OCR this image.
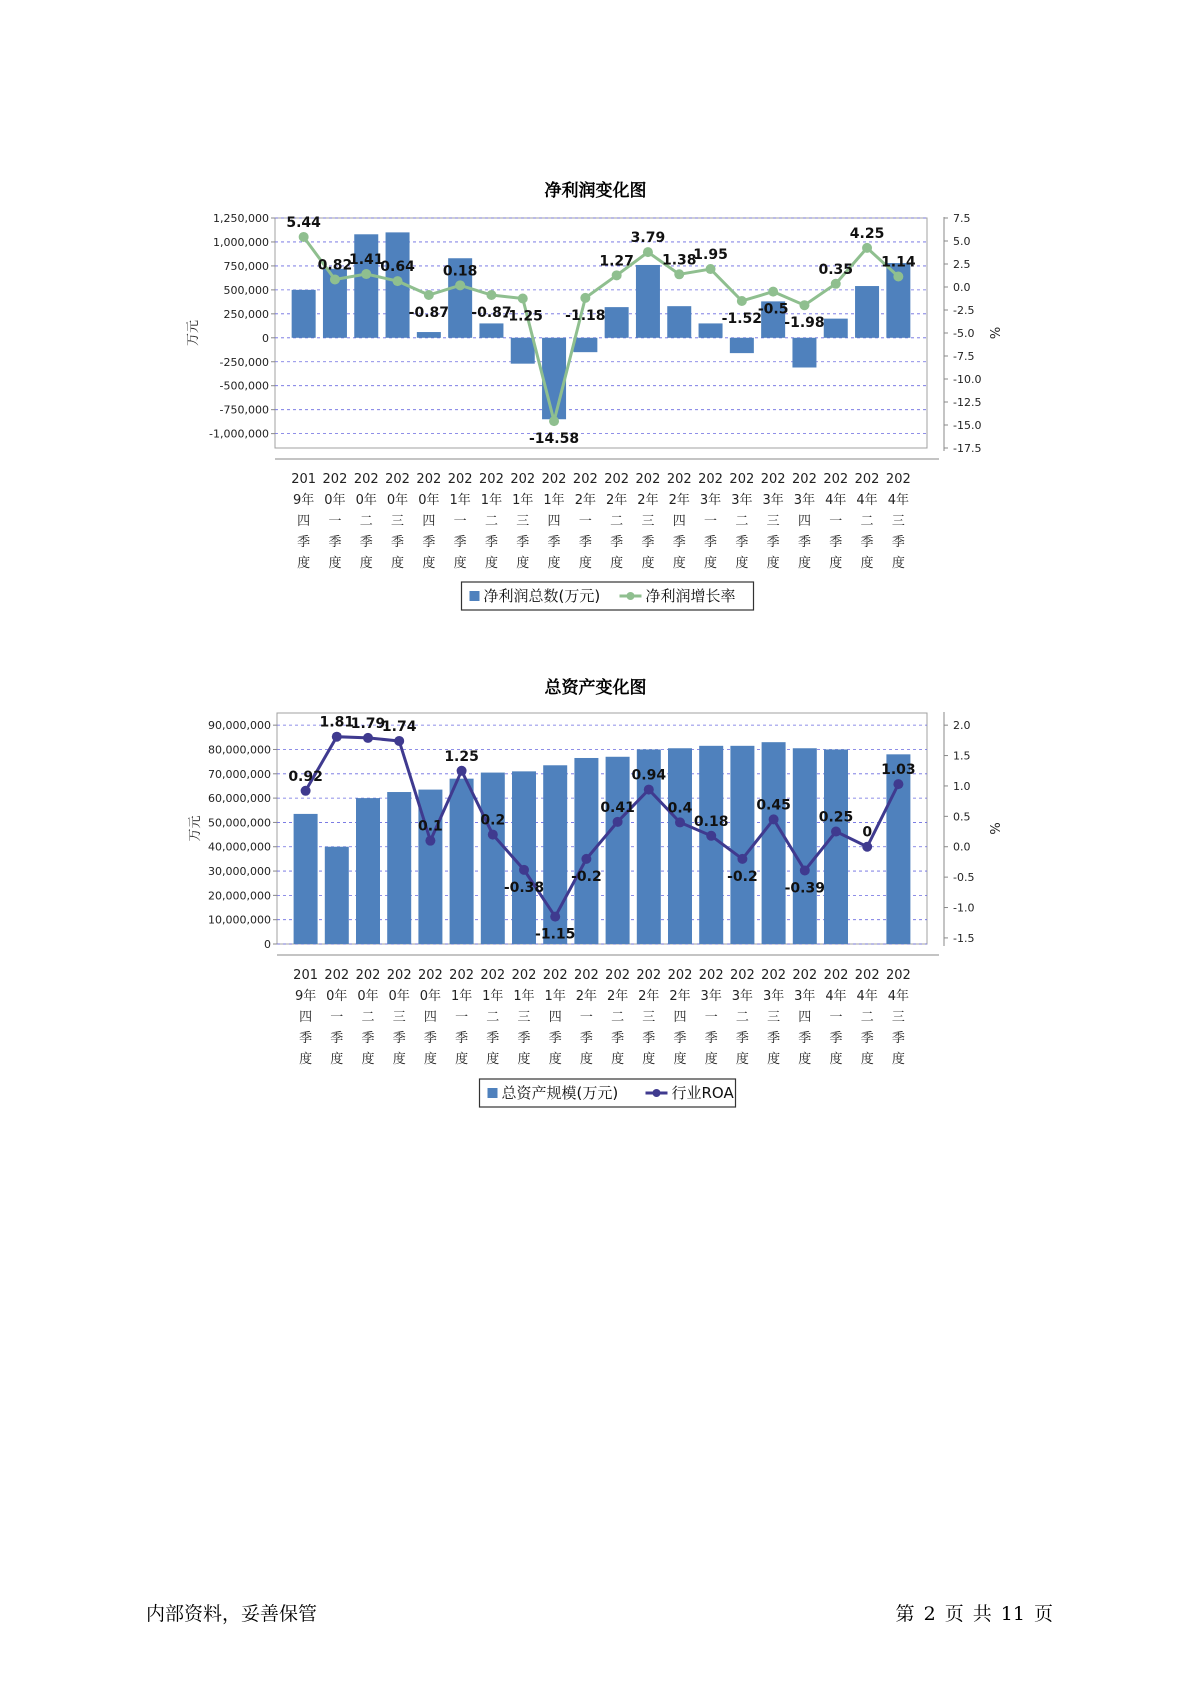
净利润变化图
1,250,000
1,000,000
750,000
500,000
250,000
0
-250,000
-500,000
-750,000
-1,000,000
7.5
5.0
2.5
0.0
-2.5
-5.0
-7.5
-10.0
-12.5
-15.0
-17.5
万元	%
201 9年四季度
202 0年一季度
202 0年二季度
202 0年三季度
202 0年四季度
202 1年一季度
202 1年二季度
202 1年三季度
202 1年四季度
202 2年一季度
202 2年二季度
202 2年三季度
202 2年四季度
202 3年一季度
202 3年二季度
202 3年三季度
202 3年四季度
202 4年一季度
202 4年二季度
202 4年三季度
5.44
0.82
1.41
0.64
-0.87
0.18
-0.87
-1.25
-14.58
-1.18
1.27
3.79
1.38
1.95
-1.52
-0.5
-1.98
0.35
4.25
1.14
净利润总数(万元)	净利润增长率
总资产变化图
90,000,000
80,000,000
70,000,000
60,000,000
50,000,000
40,000,000
30,000,000
20,000,000
10,000,000
0
2.0
1.5
1.0
0.5
0.0
-0.5
-1.0
-1.5
万元	%
201 9年四季度
202 0年一季度
202 0年二季度
202 0年三季度
202 0年四季度
202 1年一季度
202 1年二季度
202 1年三季度
202 1年四季度
202 2年一季度
202 2年二季度
202 2年三季度
202 2年四季度
202 3年一季度
202 3年二季度
202 3年三季度
202 3年四季度
202 4年一季度
202 4年二季度
202 4年三季度
0.92
1.81
1.79
1.74
0.1
1.25
0.2
-0.38
-1.15
-0.2
0.41
0.94
0.4
0.18
-0.2
0.45
-0.39
0.25
0
1.03
总资产规模(万元)	行业ROA
内部资料，妥善保管	第 2 页 共 11 页
